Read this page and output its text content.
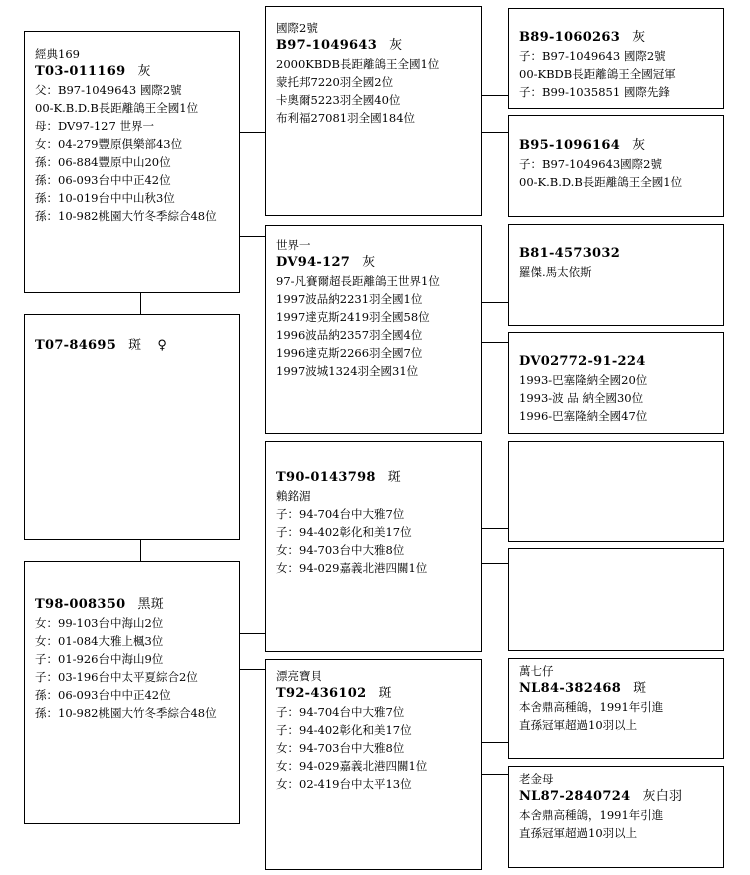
經典169
T03-011169 灰
父：B97-1049643 國際2號
00-K.B.D.B長距離鴿王全國1位
母：DV97-127 世界一
女：04-279豐原俱樂部43位
孫：06-884豐原中山20位
孫：06-093台中中正42位
孫：10-019台中中山秋3位
孫：10-982桃園大竹冬季綜合48位
T07-84695 斑 ♀
T98-008350 黑斑
女：99-103台中海山2位
女：01-084大雅上楓3位
子：01-926台中海山9位
子：03-196台中太平夏綜合2位
孫：06-093台中中正42位
孫：10-982桃園大竹冬季綜合48位
國際2號
B97-1049643 灰
2000KBDB長距離鴿王全國1位
蒙托邦7220羽全國2位
卡奧爾5223羽全國40位
布利福27081羽全國184位
世界一
DV94-127 灰
97-凡賽爾超長距離鴿王世界1位
1997波品納2231羽全國1位
1997達克斯2419羽全國58位
1996波品納2357羽全國4位
1996達克斯2266羽全國7位
1997波城1324羽全國31位
T90-0143798 斑
賴銘湄
子：94-704台中大雅7位
子：94-402彰化和美17位
女：94-703台中大雅8位
女：94-029嘉義北港四關1位
漂亮寶貝
T92-436102 斑
子：94-704台中大雅7位
子：94-402彰化和美17位
女：94-703台中大雅8位
女：94-029嘉義北港四關1位
女：02-419台中太平13位
B89-1060263 灰
子：B97-1049643 國際2號
00-KBDB長距離鴿王全國冠軍
子：B99-1035851 國際先鋒
B95-1096164 灰
子：B97-1049643國際2號
00-K.B.D.B長距離鴿王全國1位
B81-4573032
羅傑.馬太依斯
DV02772-91-224
1993-巴塞隆納全國20位
1993-波 品 納全國30位
1996-巴塞隆納全國47位
萬七仔
NL84-382468 斑
本舍鼎高種鴿，1991年引進
直孫冠軍超過10羽以上
老金母
NL87-2840724 灰白羽
本舍鼎高種鴿，1991年引進
直孫冠軍超過10羽以上
